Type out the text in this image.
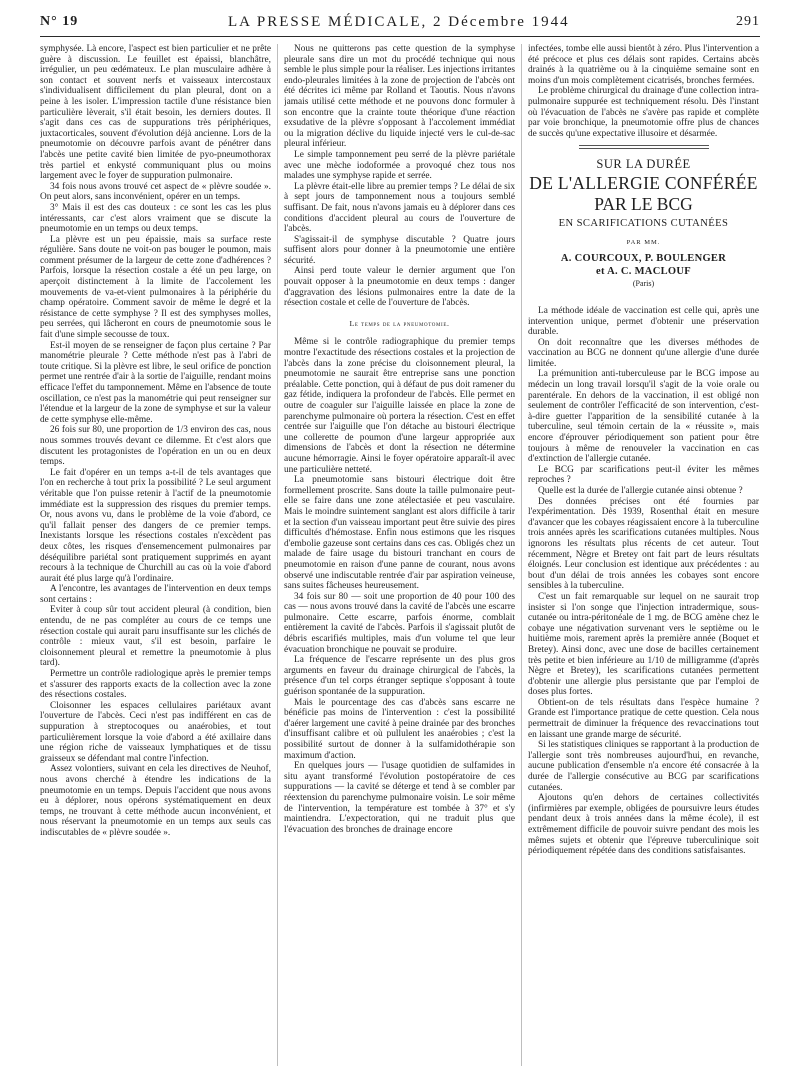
N° 19	LA PRESSE MÉDICALE, 2 Décembre 1944	291

symphysée. Là encore, l'aspect est bien particulier et ne prête guère à discussion. Le feuillet est épaissi, blanchâtre, irrégulier, un peu œdémateux. Le plan musculaire adhère à son contact et souvent nerfs et vaisseaux intercostaux s'individualisent difficilement du plan pleural, dont on a peine à les isoler. L'impression tactile d'une résistance bien particulière lèverait, s'il était besoin, les derniers doutes. Il s'agit dans ces cas de suppurations très périphériques, juxtacorticales, souvent d'évolution déjà ancienne. Lors de la pneumotomie on découvre parfois avant de pénétrer dans l'abcès une petite cavité bien limitée de pyo-pneumothorax très partiel et enkysté communiquant plus ou moins largement avec le foyer de suppuration pulmonaire.

34 fois nous avons trouvé cet aspect de « plèvre soudée ». On peut alors, sans inconvénient, opérer en un temps.

3° Mais il est des cas douteux : ce sont les cas les plus intéressants, car c'est alors vraiment que se discute la pneumotomie en un temps ou deux temps.

La plèvre est un peu épaissie, mais sa surface reste régulière. Sans doute ne voit-on pas bouger le poumon, mais comment présumer de la largeur de cette zone d'adhérences ? Parfois, lorsque la résection costale a été un peu large, on aperçoit distinctement à la limite de l'accolement les mouvements de va-et-vient pulmonaires à la périphérie du champ opératoire. Comment savoir de même le degré et la résistance de cette symphyse ? Il est des symphyses molles, peu serrées, qui lâcheront en cours de pneumotomie sous le fait d'une simple secousse de toux.

Est-il moyen de se renseigner de façon plus certaine ? Par manométrie pleurale ? Cette méthode n'est pas à l'abri de toute critique. Si la plèvre est libre, le seul orifice de ponction permet une rentrée d'air à la sortie de l'aiguille, rendant moins efficace l'effet du tamponnement. Même en l'absence de toute oscillation, ce n'est pas la manométrie qui peut renseigner sur l'étendue et la largeur de la zone de symphyse et sur la valeur de cette symphyse elle-même.

26 fois sur 80, une proportion de 1/3 environ des cas, nous nous sommes trouvés devant ce dilemme. Et c'est alors que discutent les protagonistes de l'opération en un ou en deux temps.

Le fait d'opérer en un temps a-t-il de tels avantages que l'on en recherche à tout prix la possibilité ? Le seul argument véritable que l'on puisse retenir à l'actif de la pneumotomie immédiate est la suppression des risques du premier temps. Or, nous avons vu, dans le problème de la voie d'abord, ce qu'il fallait penser des dangers de ce premier temps. Inexistants lorsque les résections costales n'excèdent pas deux côtes, les risques d'ensemencement pulmonaires par déséquilibre pariétal sont pratiquement supprimés en ayant recours à la technique de Churchill au cas où la voie d'abord aurait été plus large qu'à l'ordinaire.

A l'encontre, les avantages de l'intervention en deux temps sont certains :

Eviter à coup sûr tout accident pleural (à condition, bien entendu, de ne pas compléter au cours de ce temps une résection costale qui aurait paru insuffisante sur les clichés de contrôle : mieux vaut, s'il est besoin, parfaire le cloisonnement pleural et remettre la pneumotomie à plus tard).

Permettre un contrôle radiologique après le premier temps et s'assurer des rapports exacts de la collection avec la zone des résections costales.

Cloisonner les espaces cellulaires pariétaux avant l'ouverture de l'abcès. Ceci n'est pas indifférent en cas de suppuration à streptocoques ou anaérobies, et tout particulièrement lorsque la voie d'abord a été axillaire dans une région riche de vaisseaux lymphatiques et de tissu graisseux se défendant mal contre l'infection.

Assez volontiers, suivant en cela les directives de Neuhof, nous avons cherché à étendre les indications de la pneumotomie en un temps. Depuis l'accident que nous avons eu à déplorer, nous opérons systématiquement en deux temps, ne trouvant à cette méthode aucun inconvénient, et nous réservant la pneumotomie en un temps aux seuls cas indiscutables de « plèvre soudée ».

Nous ne quitterons pas cette question de la symphyse pleurale sans dire un mot du procédé technique qui nous semble le plus simple pour la réaliser. Les injections irritantes endo-pleurales limitées à la zone de projection de l'abcès ont été décrites ici même par Rolland et Taoutis. Nous n'avons jamais utilisé cette méthode et ne pouvons donc formuler à son encontre que la crainte toute théorique d'une réaction exsudative de la plèvre s'opposant à l'accolement immédiat ou la migration déclive du liquide injecté vers le cul-de-sac pleural inférieur.

Le simple tamponnement peu serré de la plèvre pariétale avec une mèche iodoformée a provoqué chez tous nos malades une symphyse rapide et serrée.

La plèvre était-elle libre au premier temps ? Le délai de six à sept jours de tamponnement nous a toujours semblé suffisant. De fait, nous n'avons jamais eu à déplorer dans ces conditions d'accident pleural au cours de l'ouverture de l'abcès.

S'agissait-il de symphyse discutable ? Quatre jours suffisent alors pour donner à la pneumotomie une entière sécurité.

Ainsi perd toute valeur le dernier argument que l'on pouvait opposer à la pneumotomie en deux temps : danger d'aggravation des lésions pulmonaires entre la date de la résection costale et celle de l'ouverture de l'abcès.

Le temps de la pneumotomie.

Même si le contrôle radiographique du premier temps montre l'exactitude des résections costales et la projection de l'abcès dans la zone précise du cloisonnement pleural, la pneumotomie ne saurait être entreprise sans une ponction préalable. Cette ponction, qui à défaut de pus doit ramener du gaz fétide, indiquera la profondeur de l'abcès. Elle permet en outre de coaguler sur l'aiguille laissée en place la zone de parenchyme pulmonaire où portera la résection. C'est en effet centrée sur l'aiguille que l'on détache au bistouri électrique une collerette de poumon d'une largeur appropriée aux dimensions de l'abcès et dont la résection ne détermine aucune hémorragie. Ainsi le foyer opératoire apparaît-il avec une particulière netteté.

La pneumotomie sans bistouri électrique doit être formellement proscrite. Sans doute la taille pulmonaire peut-elle se faire dans une zone atélectasiée et peu vasculaire. Mais le moindre suintement sanglant est alors difficile à tarir et la section d'un vaisseau important peut être suivie des pires difficultés d'hémostase. Enfin nous estimons que les risques d'embolie gazeuse sont certains dans ces cas. Obligés chez un malade de faire usage du bistouri tranchant en cours de pneumotomie en raison d'une panne de courant, nous avons observé une indiscutable rentrée d'air par aspiration veineuse, sans suites fâcheuses heureusement.

34 fois sur 80 — soit une proportion de 40 pour 100 des cas — nous avons trouvé dans la cavité de l'abcès une escarre pulmonaire. Cette escarre, parfois énorme, comblait entièrement la cavité de l'abcès. Parfois il s'agissait plutôt de débris escarifiés multiples, mais d'un volume tel que leur évacuation bronchique ne pouvait se produire.

La fréquence de l'escarre représente un des plus gros arguments en faveur du drainage chirurgical de l'abcès, la présence d'un tel corps étranger septique s'opposant à toute guérison spontanée de la suppuration.

Mais le pourcentage des cas d'abcès sans escarre ne bénéficie pas moins de l'intervention : c'est la possibilité d'aérer largement une cavité à peine drainée par des bronches d'insuffisant calibre et où pullulent les anaérobies ; c'est la possibilité surtout de donner à la sulfamidothérapie son maximum d'action.

En quelques jours — l'usage quotidien de sulfamides in situ ayant transformé l'évolution postopératoire de ces suppurations — la cavité se déterge et tend à se combler par réextension du parenchyme pulmonaire voisin. Le soir même de l'intervention, la température est tombée à 37° et s'y maintiendra. L'expectoration, qui ne traduit plus que l'évacuation des bronches de drainage encore

infectées, tombe elle aussi bientôt à zéro. Plus l'intervention a été précoce et plus ces délais sont rapides. Certains abcès drainés à la quatrième ou à la cinquième semaine sont en moins d'un mois complètement cicatrisés, bronches fermées.

Le problème chirurgical du drainage d'une collection intra-pulmonaire suppurée est techniquement résolu. Dès l'instant où l'évacuation de l'abcès ne s'avère pas rapide et complète par voie bronchique, la pneumotomie offre plus de chances de succès qu'une expectative illusoire et désarmée.

SUR LA DURÉE
DE L'ALLERGIE CONFÉRÉE
PAR LE BCG
EN SCARIFICATIONS CUTANÉES
PAR MM.
A. COURCOUX, P. BOULENGER
et A. C. MACLOUF
(Paris)

La méthode idéale de vaccination est celle qui, après une intervention unique, permet d'obtenir une préservation durable.

On doit reconnaître que les diverses méthodes de vaccination au BCG ne donnent qu'une allergie d'une durée limitée.

La prémunition anti-tuberculeuse par le BCG impose au médecin un long travail lorsqu'il s'agit de la voie orale ou parentérale. En dehors de la vaccination, il est obligé non seulement de contrôler l'efficacité de son intervention, c'est-à-dire guetter l'apparition de la sensibilité cutanée à la tuberculine, seul témoin certain de la « réussite », mais encore d'éprouver périodiquement son patient pour être toujours à même de renouveler la vaccination en cas d'extinction de l'allergie cutanée.

Le BCG par scarifications peut-il éviter les mêmes reproches ?

Quelle est la durée de l'allergie cutanée ainsi obtenue ?

Des données précises ont été fournies par l'expérimentation. Dès 1939, Rosenthal était en mesure d'avancer que les cobayes réagissaient encore à la tuberculine trois années après les scarifications cutanées multiples. Nous ignorons les résultats plus récents de cet auteur. Tout récemment, Nègre et Bretey ont fait part de leurs résultats éloignés. Leur conclusion est identique aux précédentes : au bout d'un délai de trois années les cobayes sont encore sensibles à la tuberculine.

C'est un fait remarquable sur lequel on ne saurait trop insister si l'on songe que l'injection intradermique, sous-cutanée ou intra-péritonéale de 1 mg. de BCG amène chez le cobaye une négativation survenant vers le septième ou le huitième mois, rarement après la première année (Boquet et Bretey). Ainsi donc, avec une dose de bacilles certainement très petite et bien inférieure au 1/10 de milligramme (d'après Nègre et Bretey), les scarifications cutanées permettent d'obtenir une allergie plus persistante que par l'emploi de doses plus fortes.

Obtient-on de tels résultats dans l'espèce humaine ? Grande est l'importance pratique de cette question. Cela nous permettrait de diminuer la fréquence des revaccinations tout en laissant une grande marge de sécurité.

Si les statistiques cliniques se rapportant à la production de l'allergie sont très nombreuses aujourd'hui, en revanche, aucune publication d'ensemble n'a encore été consacrée à la durée de l'allergie consécutive au BCG par scarifications cutanées.

Ajoutons qu'en dehors de certaines collectivités (infirmières par exemple, obligées de poursuivre leurs études pendant deux à trois années dans la même école), il est extrêmement difficile de pouvoir suivre pendant des mois les mêmes sujets et obtenir que l'épreuve tuberculinique soit périodiquement répétée dans des conditions satisfaisantes.
